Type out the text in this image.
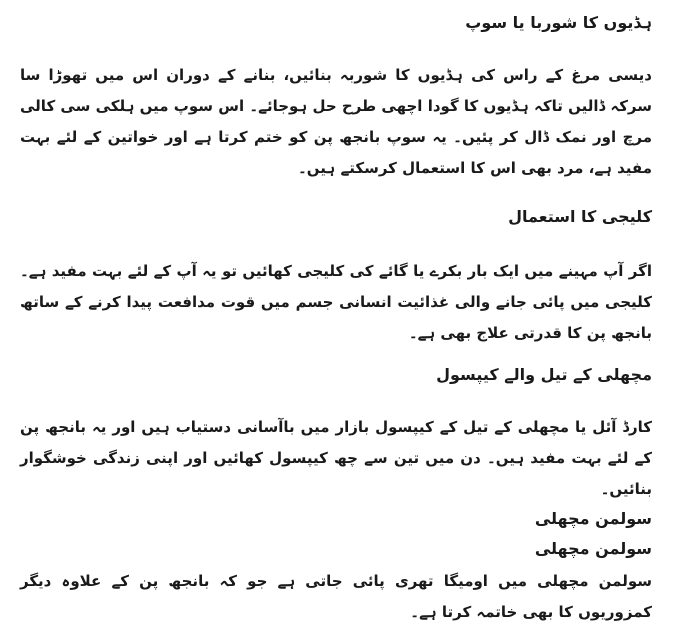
ہڈیوں کا شوربا یا سوپ

دیسی مرغ کے راس کی ہڈیوں کا شوربہ بنائیں، بنانے کے دوران اس میں تھوڑا سا سرکہ ڈالیں تاکہ ہڈیوں کا گودا اچھی طرح حل ہوجائے۔ اس سوپ میں ہلکی سی کالی مرچ اور نمک ڈال کر پئیں۔ یہ سوپ بانجھ پن کو ختم کرتا ہے اور خواتین کے لئے بہت مفید ہے، مرد بھی اس کا استعمال کرسکتے ہیں۔

کلیجی کا استعمال

اگر آپ مہینے میں ایک بار بکرے یا گائے کی کلیجی کھائیں تو یہ آپ کے لئے بہت مفید ہے۔ کلیجی میں پائی جانے والی غذائیت انسانی جسم میں قوت مدافعت پیدا کرنے کے ساتھ بانجھ پن کا قدرتی علاج بھی ہے۔

مچھلی کے تیل والے کیپسول

کارڈ آئل یا مچھلی کے تیل کے کیپسول بازار میں باآسانی دستیاب ہیں اور یہ بانجھ پن کے لئے بہت مفید ہیں۔ دن میں تین سے چھ کیپسول کھائیں اور اپنی زندگی خوشگوار بنائیں۔

سولمن مچھلی
سولمن مچھلی

سولمن مچھلی میں اومیگا تھری پائی جاتی ہے جو کہ بانجھ پن کے علاوہ دیگر کمزوریوں کا بھی خاتمہ کرتا ہے۔
